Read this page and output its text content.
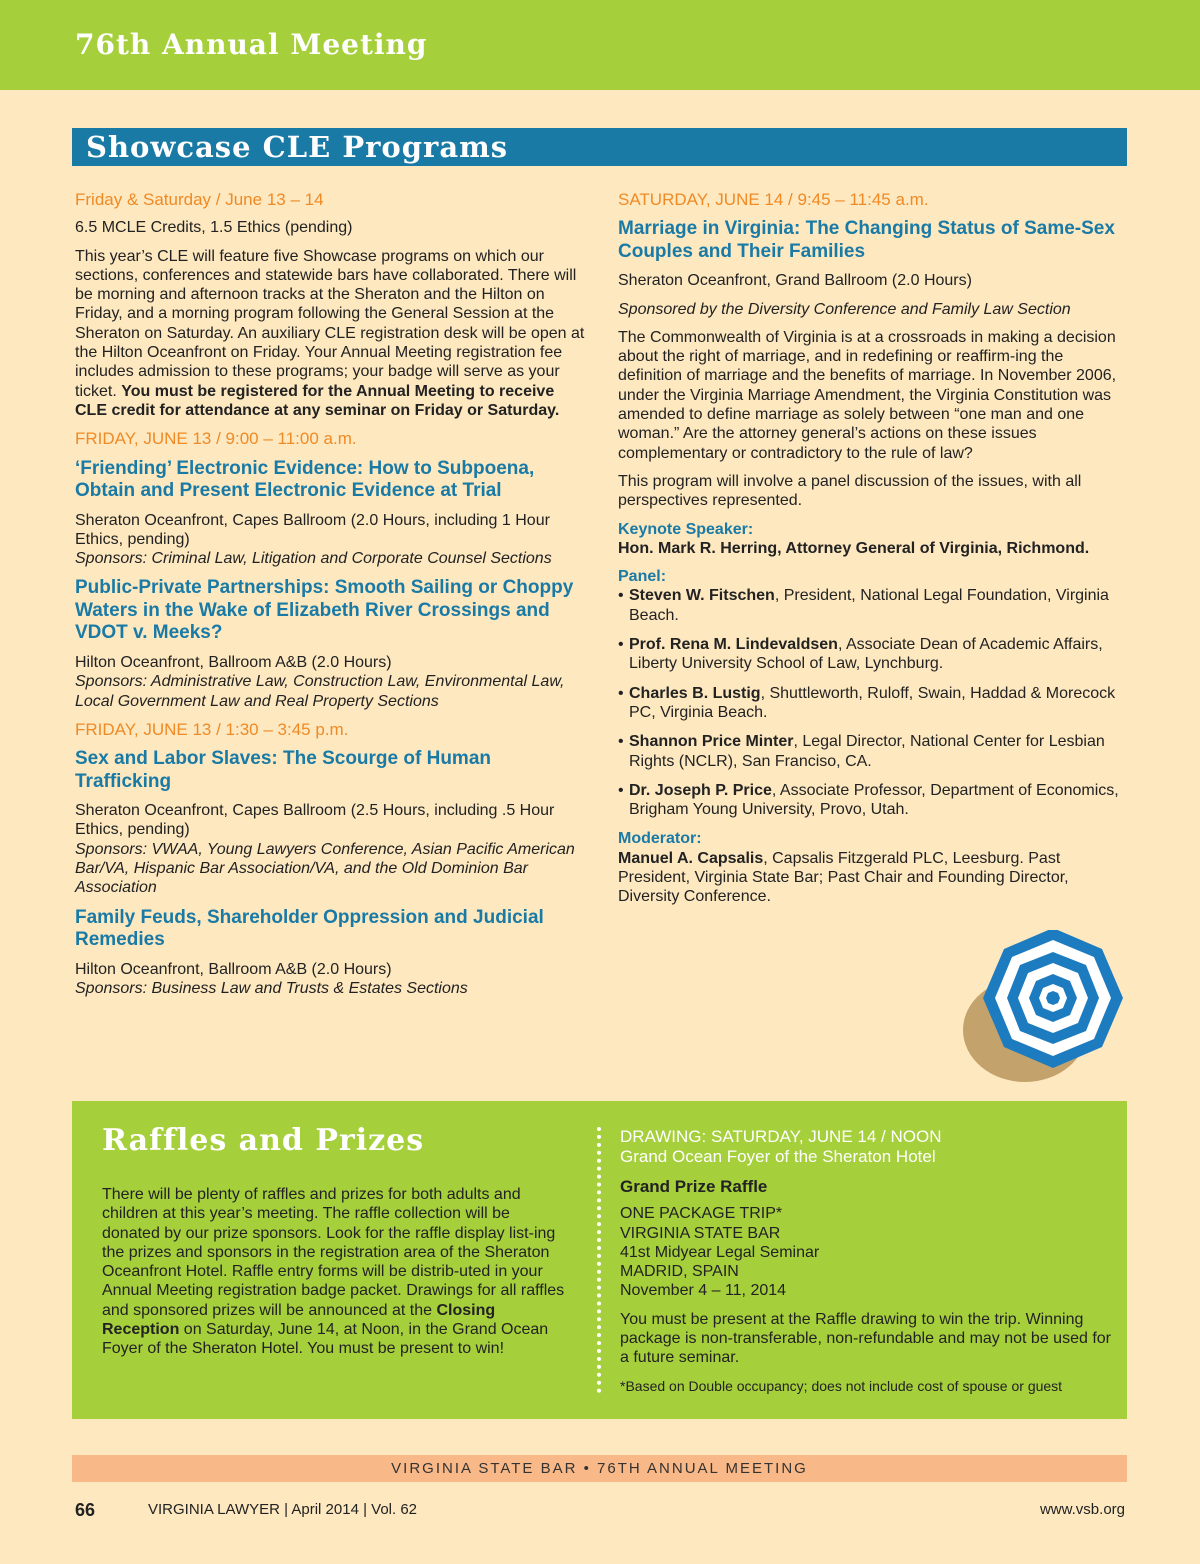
76th Annual Meeting
Showcase CLE Programs
Friday & Saturday / June 13 – 14

6.5 MCLE Credits, 1.5 Ethics (pending)

This year’s CLE will feature five Showcase programs on which our sections, conferences and statewide bars have collaborated. There will be morning and afternoon tracks at the Sheraton and the Hilton on Friday, and a morning program following the General Session at the Sheraton on Saturday. An auxiliary CLE registration desk will be open at the Hilton Oceanfront on Friday. Your Annual Meeting registration fee includes admission to these programs; your badge will serve as your ticket. You must be registered for the Annual Meeting to receive CLE credit for attendance at any seminar on Friday or Saturday.

FRIDAY, JUNE 13 / 9:00 – 11:00 a.m.
‘Friending’ Electronic Evidence: How to Subpoena, Obtain and Present Electronic Evidence at Trial
Sheraton Oceanfront, Capes Ballroom (2.0 Hours, including 1 Hour Ethics, pending)

Sponsors: Criminal Law, Litigation and Corporate Counsel Sections

Public-Private Partnerships: Smooth Sailing or Choppy Waters in the Wake of Elizabeth River Crossings and VDOT v. Meeks?
Hilton Oceanfront, Ballroom A&B (2.0 Hours)

Sponsors: Administrative Law, Construction Law, Environmental Law, Local Government Law and Real Property Sections

FRIDAY, JUNE 13 / 1:30 – 3:45 p.m.
Sex and Labor Slaves: The Scourge of Human Trafficking
Sheraton Oceanfront, Capes Ballroom (2.5 Hours, including .5 Hour Ethics, pending)

Sponsors: VWAA, Young Lawyers Conference, Asian Pacific American Bar/VA, Hispanic Bar Association/VA, and the Old Dominion Bar Association

Family Feuds, Shareholder Oppression and Judicial Remedies
Hilton Oceanfront, Ballroom A&B (2.0 Hours)

Sponsors: Business Law and Trusts & Estates Sections

SATURDAY, JUNE 14 / 9:45 – 11:45 a.m.
Marriage in Virginia: The Changing Status of Same-Sex Couples and Their Families

Sheraton Oceanfront, Grand Ballroom (2.0 Hours)

Sponsored by the Diversity Conference and Family Law Section

The Commonwealth of Virginia is at a crossroads in making a decision about the right of marriage, and in redefining or reaffirm-ing the definition of marriage and the benefits of marriage. In November 2006, under the Virginia Marriage Amendment, the Virginia Constitution was amended to define marriage as solely between “one man and one woman.” Are the attorney general’s actions on these issues complementary or contradictory to the rule of law?

This program will involve a panel discussion of the issues, with all perspectives represented.

Keynote Speaker:

Hon. Mark R. Herring, Attorney General of Virginia, Richmond.

Panel:
• Steven W. Fitschen, President, National Legal Foundation, Virginia Beach.
• Prof. Rena M. Lindevaldsen, Associate Dean of Academic Affairs, Liberty University School of Law, Lynchburg.
• Charles B. Lustig, Shuttleworth, Ruloff, Swain, Haddad & Morecock PC, Virginia Beach.
• Shannon Price Minter, Legal Director, National Center for Lesbian Rights (NCLR), San Franciso, CA.
• Dr. Joseph P. Price, Associate Professor, Department of Economics, Brigham Young University, Provo, Utah.
Moderator:

Manuel A. Capsalis, Capsalis Fitzgerald PLC, Leesburg. Past President, Virginia State Bar; Past Chair and Founding Director, Diversity Conference.

Raffles and Prizes
There will be plenty of raffles and prizes for both adults and children at this year’s meeting. The raffle collection will be donated by our prize sponsors. Look for the raffle display list-ing the prizes and sponsors in the registration area of the Sheraton Oceanfront Hotel. Raffle entry forms will be distrib-uted in your Annual Meeting registration badge packet. Drawings for all raffles and sponsored prizes will be announced at the Closing Reception on Saturday, June 14, at Noon, in the Grand Ocean Foyer of the Sheraton Hotel. You must be present to win!
DRAWING: SATURDAY, JUNE 14 / NOON
Grand Ocean Foyer of the Sheraton Hotel
Grand Prize Raffle

ONE PACKAGE TRIP*
VIRGINIA STATE BAR
41st Midyear Legal Seminar
MADRID, SPAIN
November 4 – 11, 2014

You must be present at the Raffle drawing to win the trip. Winning package is non-transferable, non-refundable and may not be used for a future seminar.

*Based on Double occupancy; does not include cost of spouse or guest

VIRGINIA STATE BAR • 76TH ANNUAL MEETING
66	VIRGINIA LAWYER | April 2014 | Vol. 62	www.vsb.org
